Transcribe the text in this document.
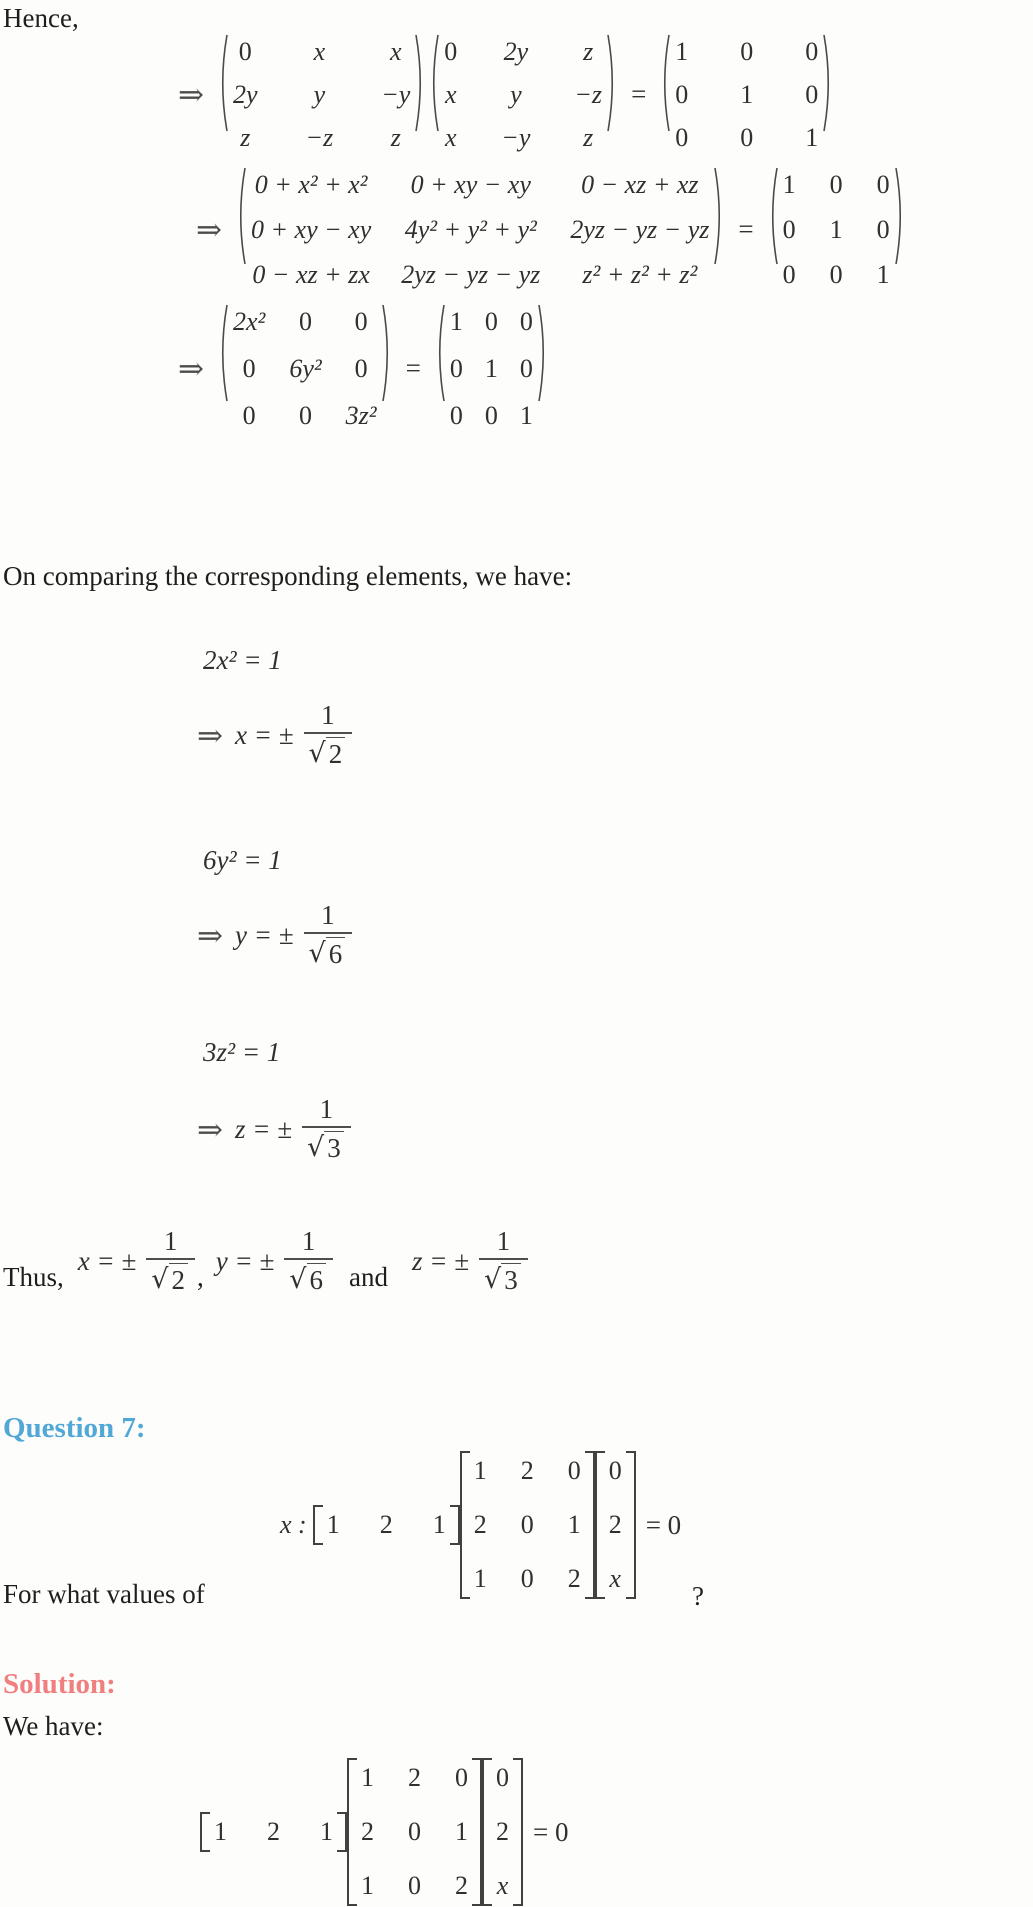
Hence,
⇒
0 x x
2y y −y
z −z z
0 2y z
x y −z
x −y z
=
1 0 0
0 1 0
0 0 1
⇒
0 + x² + x² 0 + xy − xy 0 − xz + xz
0 + xy − xy 4y² + y² + y² 2yz − yz − yz
0 − xz + zx 2yz − yz − yz z² + z² + z²
=
1 0 0
0 1 0
0 0 1
⇒
2x² 0 0
0 6y² 0
0 0 3z²
=
1 0 0
0 1 0
0 0 1
On comparing the corresponding elements, we have:
2x² = 1
⇒ x = ± $\frac{1}{√ 2}$
6y² = 1
⇒ y = ± $\frac{1}{√ 6}$
3z² = 1
⇒ z = ± $\frac{1}{√ 3}$
Thus,
x = ± $\frac{1}{√ 2}$ ,
y = ± $\frac{1}{√ 6}$ and
z = ± $\frac{1}{√ 3}$
Question 7:
x : 1 2 1
1 2 0
2 0 1
1 0 2
0
2
x
= 0
For what values of	?
Solution:
We have:
1 2 1
1 2 0
2 0 1
1 0 2
0
2
x
= 0
